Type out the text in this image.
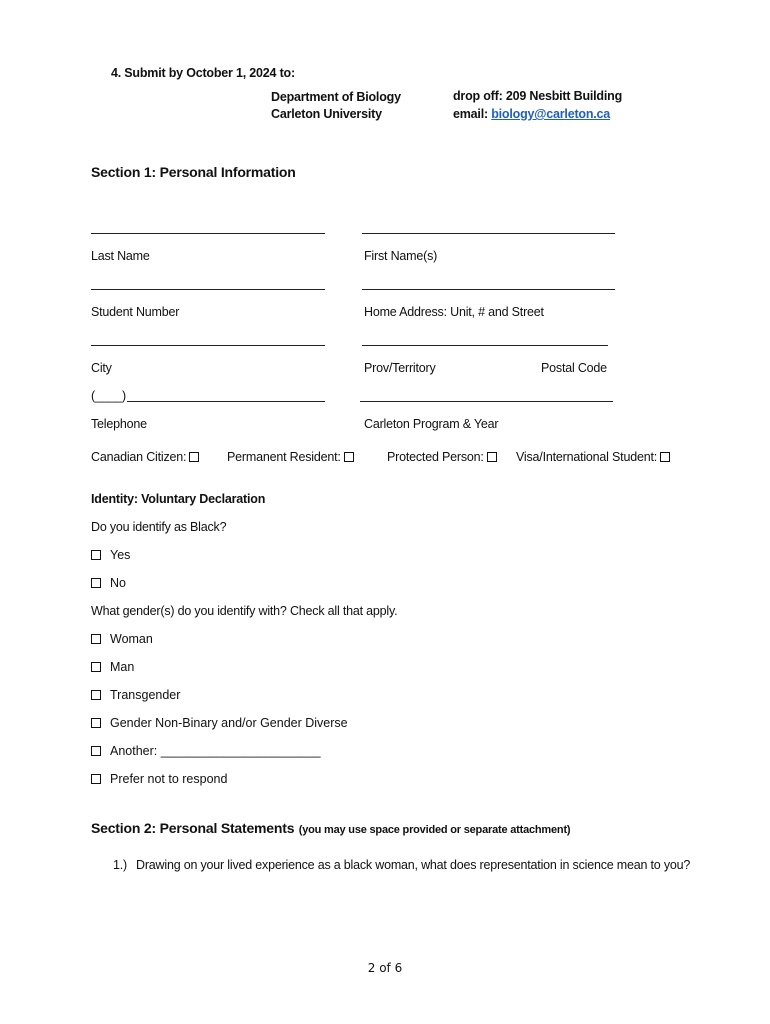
4. Submit by October 1, 2024 to:
Department of Biology
Carleton University
drop off: 209 Nesbitt Building
email: biology@carleton.ca
Section 1: Personal Information
Last Name	First Name(s)
Student Number	Home Address: Unit, # and Street
City	Prov/Territory	Postal Code
(____)
Telephone	Carleton Program & Year
Canadian Citizen:	Permanent Resident:	Protected Person:	Visa/International Student:
Identity: Voluntary Declaration
Do you identify as Black?
Yes
No
What gender(s) do you identify with? Check all that apply.
Woman
Man
Transgender
Gender Non-Binary and/or Gender Diverse
Another: _______________________
Prefer not to respond
Section 2: Personal Statements (you may use space provided or separate attachment)
1.) Drawing on your lived experience as a black woman, what does representation in science mean to you?
2 of 6
